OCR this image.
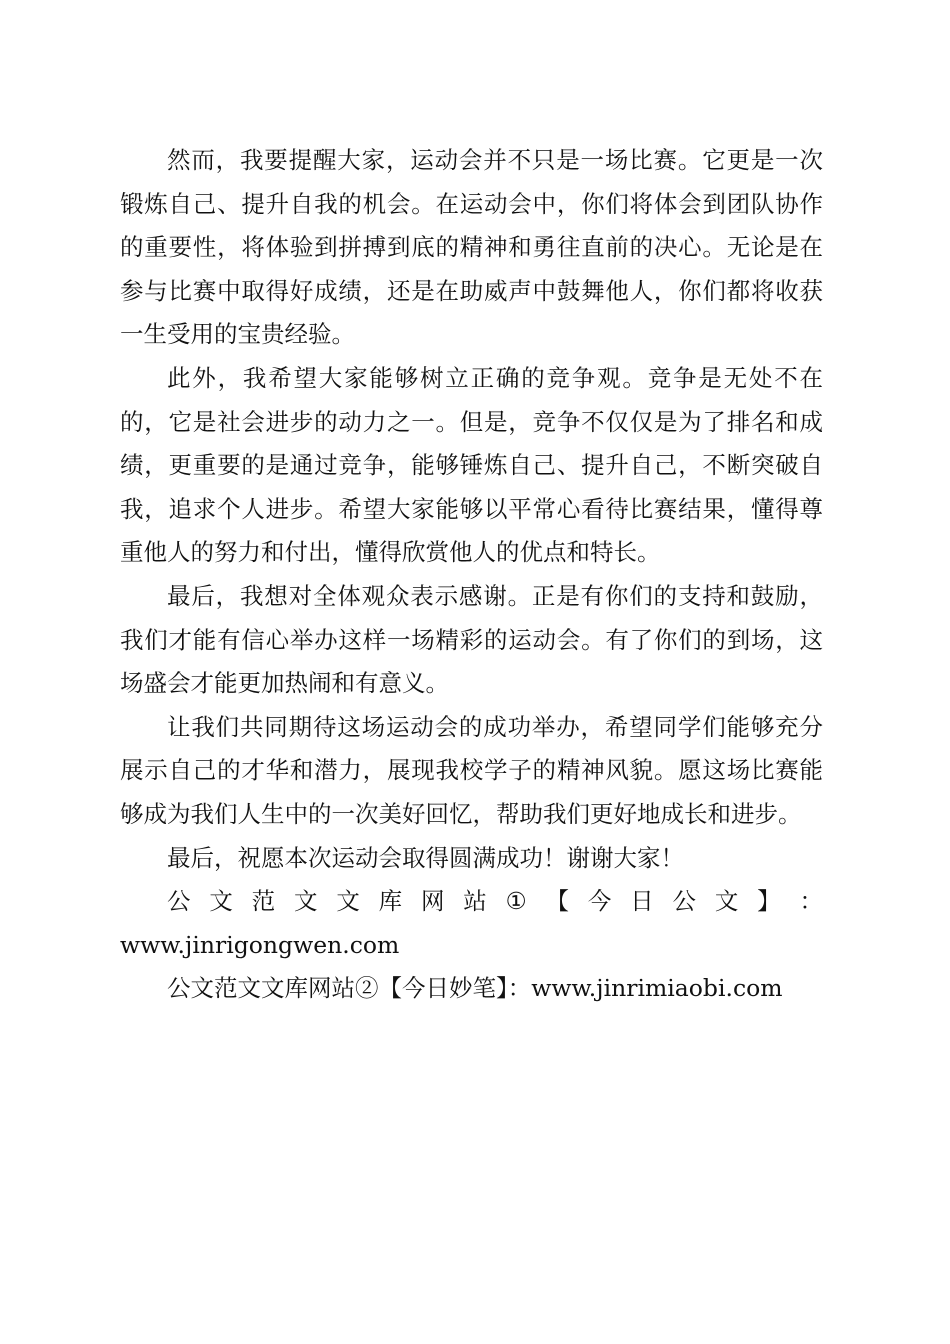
然而，我要提醒大家，运动会并不只是一场比赛。它更是一次锻炼自己、提升自我的机会。在运动会中，你们将体会到团队协作的重要性，将体验到拼搏到底的精神和勇往直前的决心。无论是在参与比赛中取得好成绩，还是在助威声中鼓舞他人，你们都将收获一生受用的宝贵经验。

此外，我希望大家能够树立正确的竞争观。竞争是无处不在的，它是社会进步的动力之一。但是，竞争不仅仅是为了排名和成绩，更重要的是通过竞争，能够锤炼自己、提升自己，不断突破自我，追求个人进步。希望大家能够以平常心看待比赛结果，懂得尊重他人的努力和付出，懂得欣赏他人的优点和特长。

最后，我想对全体观众表示感谢。正是有你们的支持和鼓励，我们才能有信心举办这样一场精彩的运动会。有了你们的到场，这场盛会才能更加热闹和有意义。

让我们共同期待这场运动会的成功举办，希望同学们能够充分展示自己的才华和潜力，展现我校学子的精神风貌。愿这场比赛能够成为我们人生中的一次美好回忆，帮助我们更好地成长和进步。

最后，祝愿本次运动会取得圆满成功！谢谢大家！

公 文 范 文 文 库 网 站 ① 【 今 日 公 文 】 ：
www.jinrigongwen.com

公文范文文库网站②【今日妙笔】：www.jinrimiaobi.com
